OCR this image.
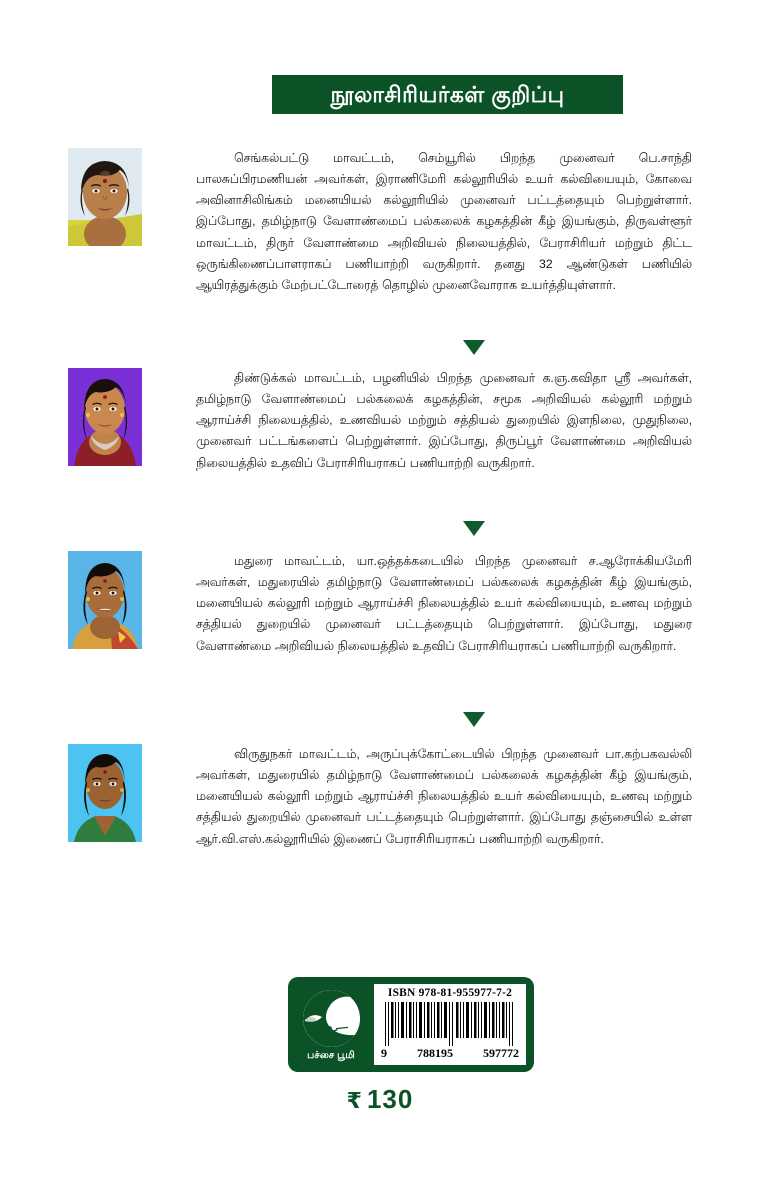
நூலாசிரியர்கள் குறிப்பு
செங்கல்பட்டு மாவட்டம், செம்யூரில் பிறந்த முனைவர் பெ.சாந்தி பாலசுப்பிரமணியன் அவர்கள், இராணிமேரி கல்லூரியில் உயர் கல்வியையும், கோவை அவினாசிலிங்கம் மனையியல் கல்லூரியில் முனைவர் பட்டத்தையும் பெற்றுள்ளார். இப்போது, தமிழ்நாடு வேளாண்மைப் பல்கலைக் கழகத்தின் கீழ் இயங்கும், திருவள்ளூர் மாவட்டம், திருர் வேளாண்மை அறிவியல் நிலையத்தில், பேராசிரியர் மற்றும் திட்ட ஒருங்கிணைப்பாளராகப் பணியாற்றி வருகிறார். தனது 32 ஆண்டுகள் பணியில் ஆயிரத்துக்கும் மேற்பட்டோரைத் தொழில் முனைவோராக உயர்த்தியுள்ளார்.
திண்டுக்கல் மாவட்டம், பழனியில் பிறந்த முனைவர் க.ஞ.கவிதா ஸ்ரீ அவர்கள், தமிழ்நாடு வேளாண்மைப் பல்கலைக் கழகத்தின், சமூக அறிவியல் கல்லூரி மற்றும் ஆராய்ச்சி நிலையத்தில், உணவியல் மற்றும் சத்தியல் துறையில் இளநிலை, முதுநிலை, முனைவர் பட்டங்களைப் பெற்றுள்ளார். இப்போது, திருப்பூர் வேளாண்மை அறிவியல் நிலையத்தில் உதவிப் பேராசிரியராகப் பணியாற்றி வருகிறார்.
மதுரை மாவட்டம், யா.ஒத்தக்கடையில் பிறந்த முனைவர் ச.ஆரோக்கியமேரி அவர்கள், மதுரையில் தமிழ்நாடு வேளாண்மைப் பல்கலைக் கழகத்தின் கீழ் இயங்கும், மனையியல் கல்லூரி மற்றும் ஆராய்ச்சி நிலையத்தில் உயர் கல்வியையும், உணவு மற்றும் சத்தியல் துறையில் முனைவர் பட்டத்தையும் பெற்றுள்ளார். இப்போது, மதுரை வேளாண்மை அறிவியல் நிலையத்தில் உதவிப் பேராசிரியராகப் பணியாற்றி வருகிறார்.
விருதுநகர் மாவட்டம், அருப்புக்கோட்டையில் பிறந்த முனைவர் பா.கற்பகவல்லி அவர்கள், மதுரையில் தமிழ்நாடு வேளாண்மைப் பல்கலைக் கழகத்தின் கீழ் இயங்கும், மனையியல் கல்லூரி மற்றும் ஆராய்ச்சி நிலையத்தில் உயர் கல்வியையும், உணவு மற்றும் சத்தியல் துறையில் முனைவர் பட்டத்தையும் பெற்றுள்ளார். இப்போது தஞ்சையில் உள்ள ஆர்.வி.எஸ்.கல்லூரியில் இணைப் பேராசிரியராகப் பணியாற்றி வருகிறார்.
பச்சை பூமி
ISBN 978-81-955977-7-2
9	788195	597772
₹ 130
